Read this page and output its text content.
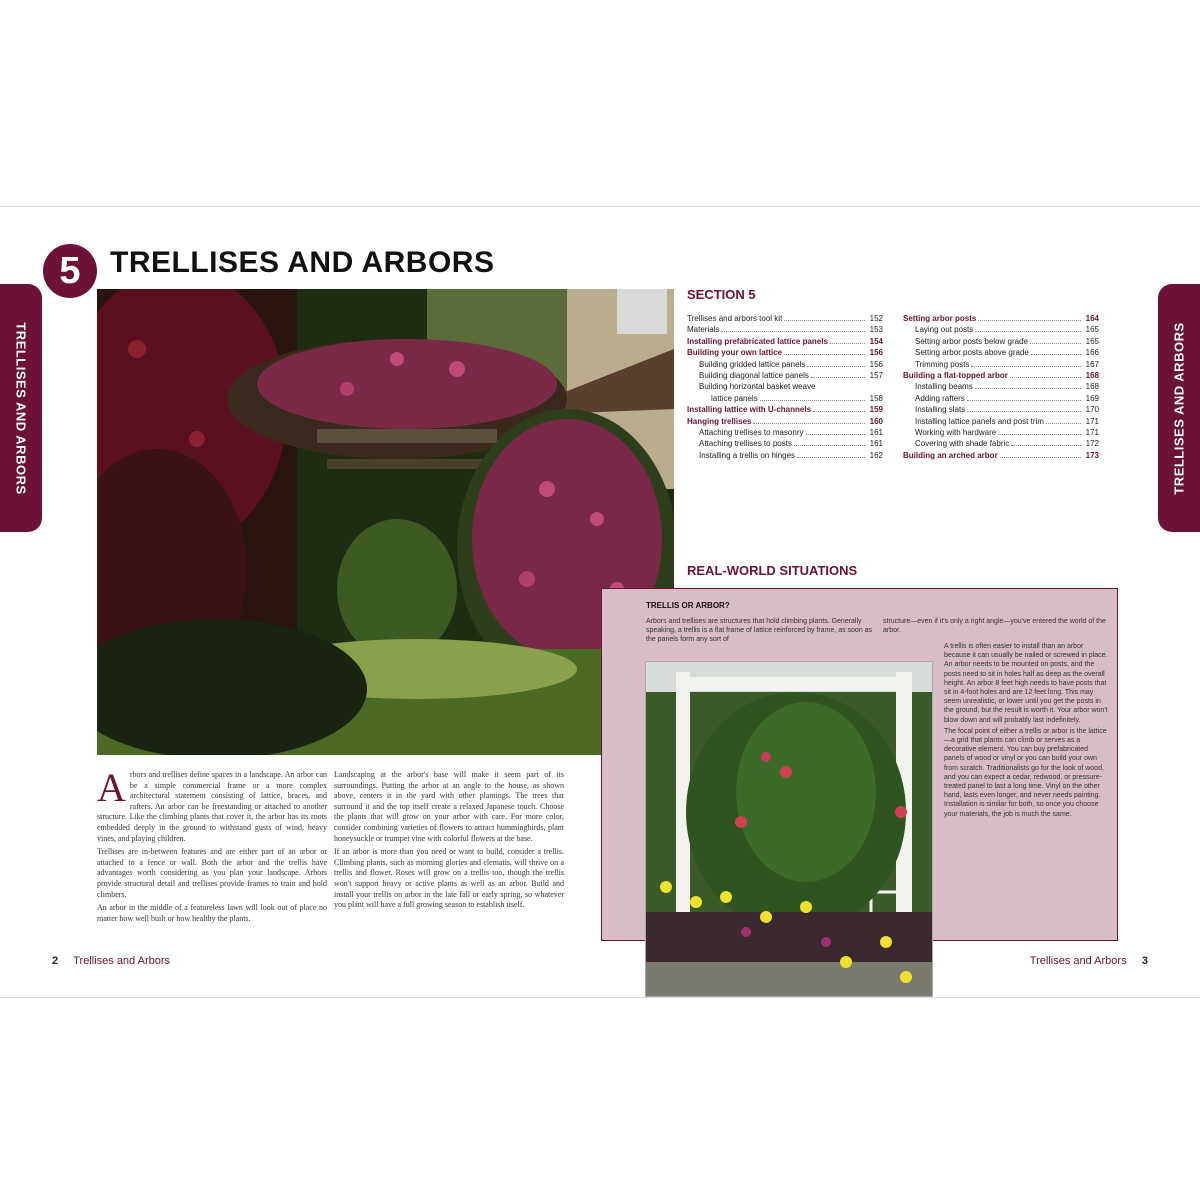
TRELLISES AND ARBORS	TRELLISES AND ARBORS
5 TRELLISES AND ARBORS
A rbors and trellises define spaces in a landscape. An arbor can be a simple commercial frame or a more complex architectural statement consisting of lattice, braces, and rafters. An arbor can be freestanding or attached to another structure. Like the climbing plants that cover it, the arbor has its roots embedded deeply in the ground to withstand gusts of wind, heavy vines, and playing children.

Trellises are in-between features and are either part of an arbor or attached to a fence or wall. Both the arbor and the trellis have advantages worth considering as you plan your landscape. Arbors provide structural detail and trellises provide frames to train and hold climbers.

An arbor in the middle of a featureless lawn will look out of place no matter how well built or how healthy the plants.

Landscaping at the arbor's base will make it seem part of its surroundings. Putting the arbor at an angle to the house, as shown above, centers it in the yard with other plantings. The trees that surround it and the top itself create a relaxed Japanese touch. Choose the plants that will grow on your arbor with care. For more color, consider combining varieties of flowers to attract hummingbirds, plant honeysuckle or trumpet vine with colorful flowers at the base.

If an arbor is more than you need or want to build, consider a trellis. Climbing plants, such as morning glories and clematis, will thrive on a trellis and flower. Roses will grow on a trellis too, though the trellis won't support heavy or active plants as well as an arbor. Build and install your trellis on arbor in the late fall or early spring, so whatever you plant will have a full growing season to establish itself.

SECTION 5
Trellises and arbors tool kit	152
Materials	153
Installing prefabricated lattice panels	154
Building your own lattice	156
Building gridded lattice panels	156
Building diagonal lattice panels	157
Building horizontal basket weave
lattice panels	158
Installing lattice with U-channels	159
Hanging trellises	160
Attaching trellises to masonry	161
Attaching trellises to posts	161
Installing a trellis on hinges	162
Setting arbor posts	164
Laying out posts	165
Setting arbor posts below grade	165
Setting arbor posts above grade	166
Trimming posts	167
Building a flat-topped arbor	168
Installing beams	168
Adding rafters	169
Installing slats	170
Installing lattice panels and post trim	171
Working with hardware	171
Covering with shade fabric	172
Building an arched arbor	173
REAL-WORLD SITUATIONS
TRELLIS OR ARBOR?

Arbors and trellises are structures that hold climbing plants. Generally speaking, a trellis is a flat frame of lattice reinforced by frame, as soon as the panels form any sort of

structure—even if it's only a right angle—you've entered the world of the arbor.

A trellis is often easier to install than an arbor because it can usually be nailed or screwed in place. An arbor needs to be mounted on posts, and the posts need to sit in holes half as deep as the overall height. An arbor 8 feet high needs to have posts that sit in 4-foot holes and are 12 feet long. This may seem unrealistic, or lower until you get the posts in the ground, but the result is worth it. Your arbor won't blow down and will probably last indefinitely.

The focal point of either a trellis or arbor is the lattice—a grid that plants can climb or serves as a decorative element. You can buy prefabricated panels of wood or vinyl or you can build your own from scratch. Traditionalists go for the look of wood, and you can expect a cedar, redwood, or pressure-treated panel to last a long time. Vinyl on the other hand, lasts even longer, and never needs painting. Installation is similar for both, so once you choose your materials, the job is much the same.

2 Trellises and Arbors	Trellises and Arbors 3
